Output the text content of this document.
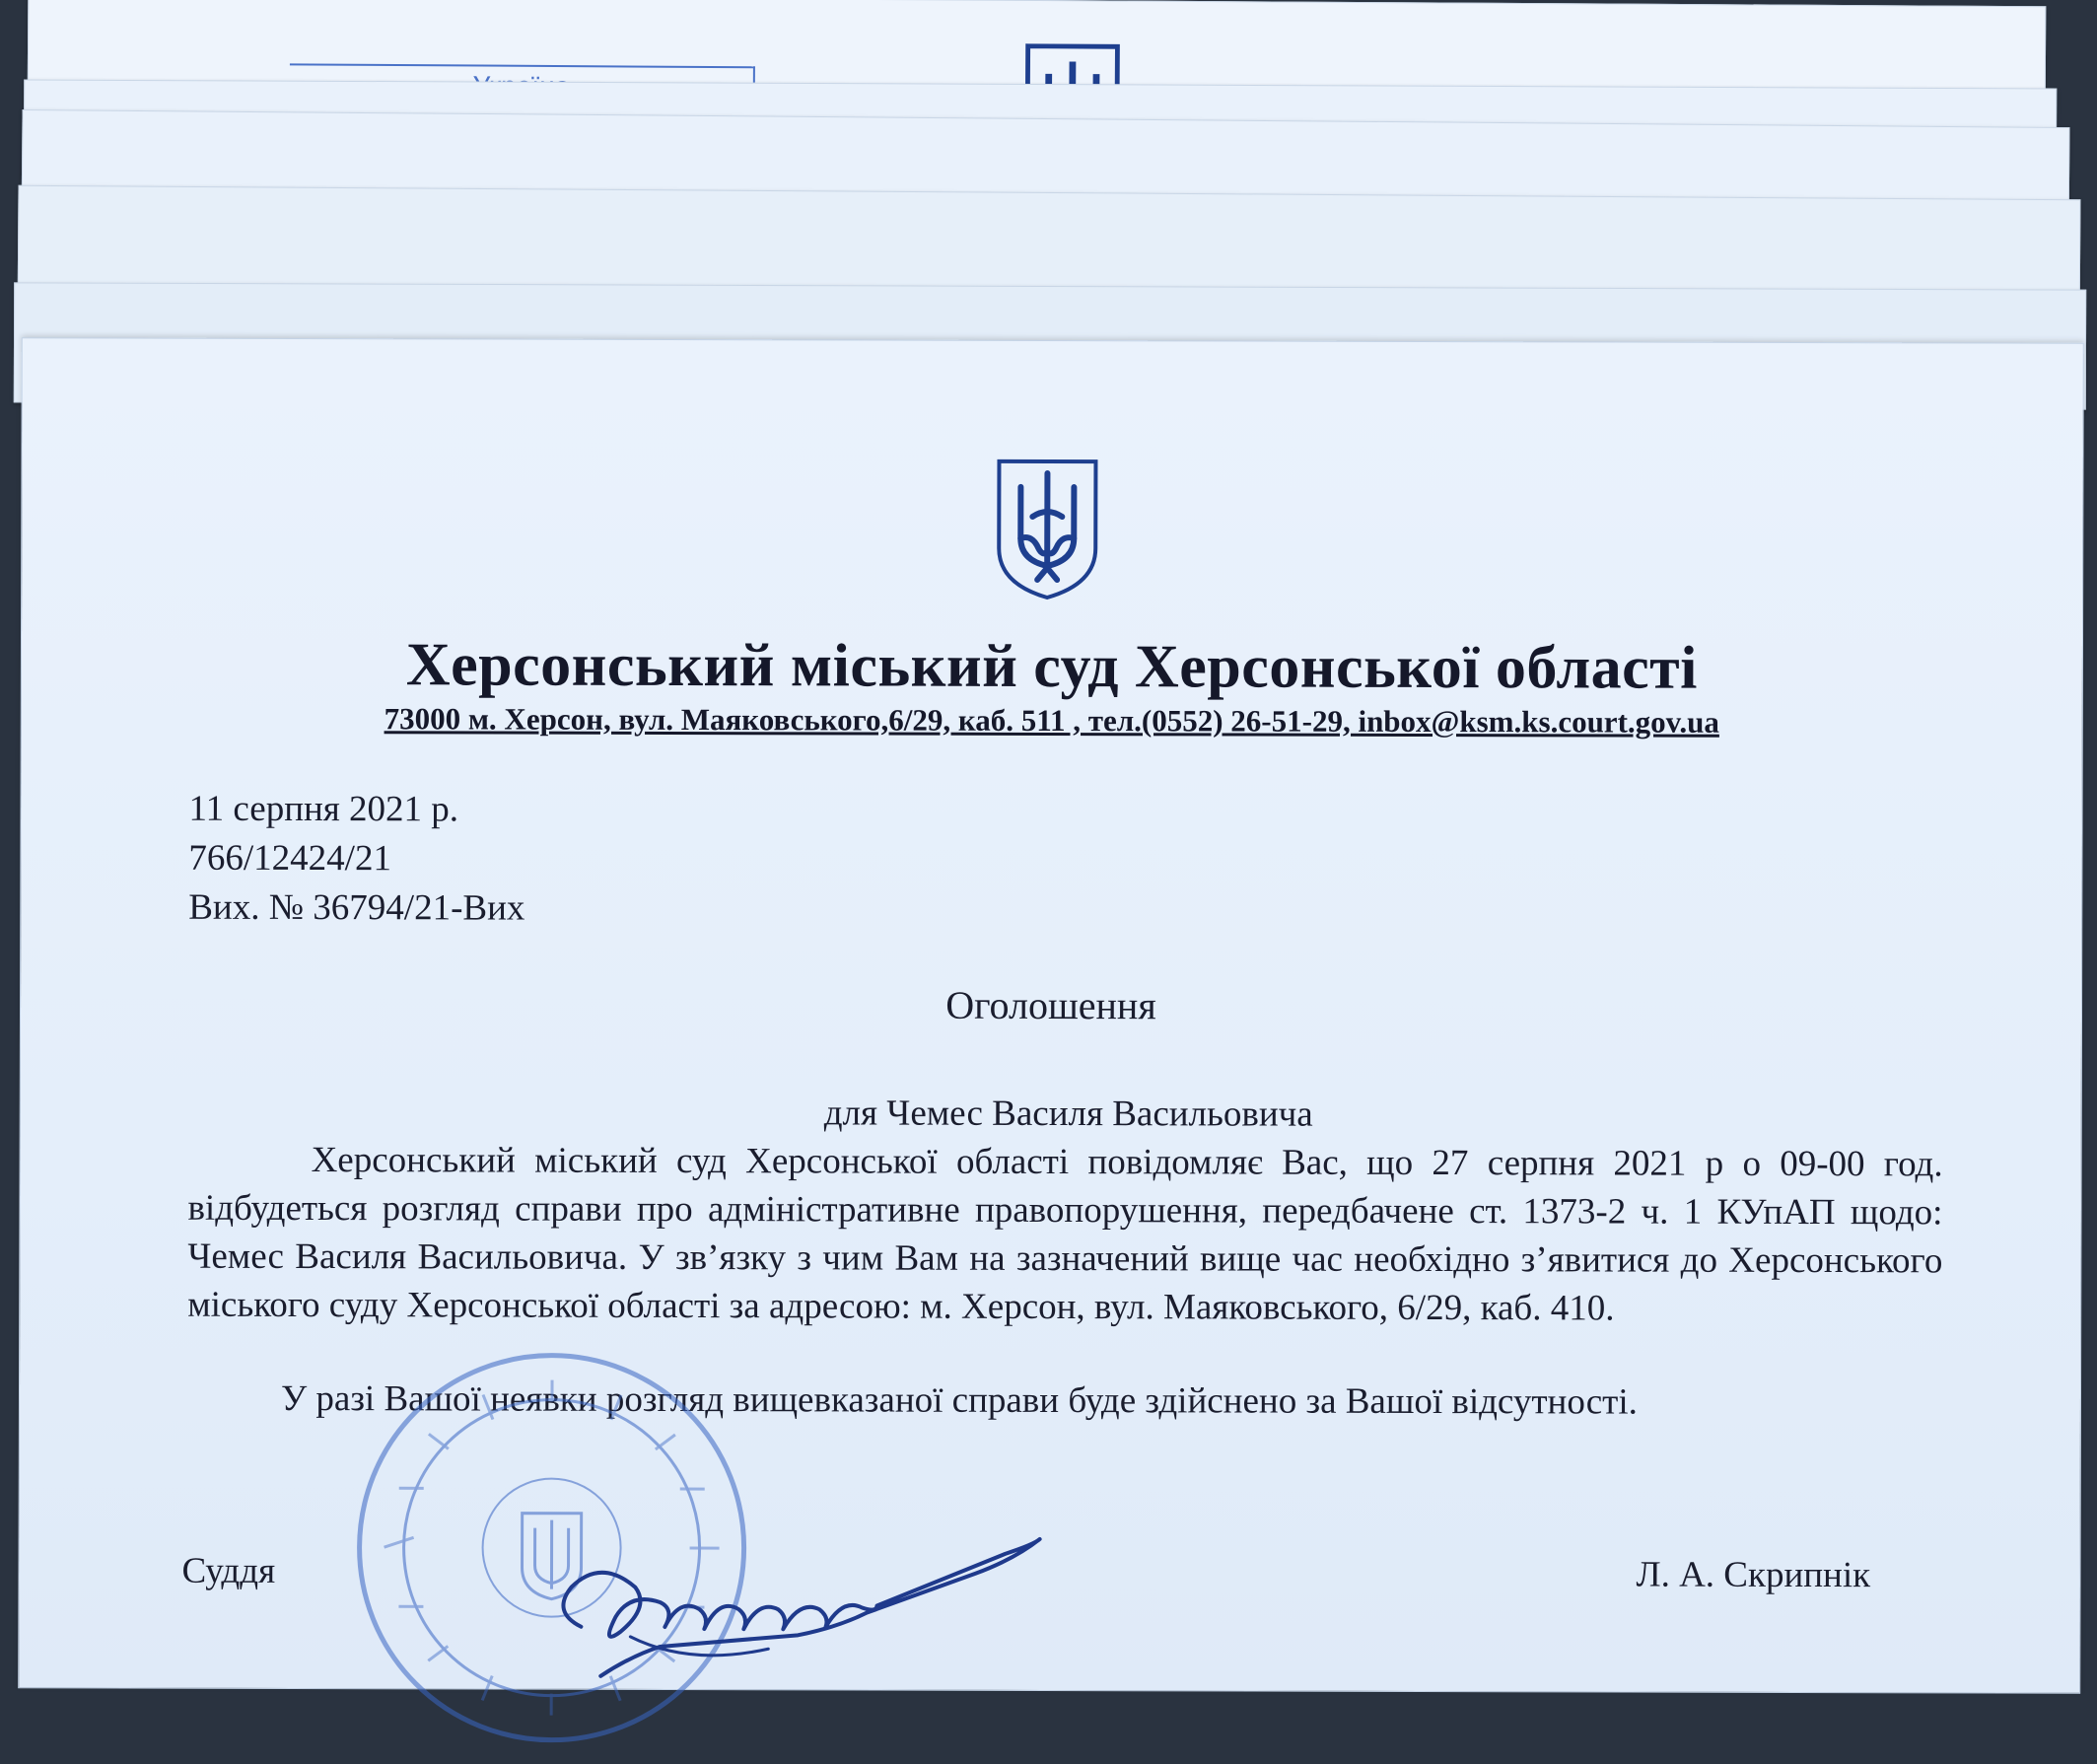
Херсонський міський суд Херсонської області
73000 м. Херсон, вул. Маяковського,6/29, каб. 511 , тел.(0552) 26-51-29, inbox@ksm.ks.court.gov.ua
11 серпня 2021 р.
766/12424/21
Вих. № 36794/21-Вих
Оголошення
для Чемес Василя Васильовича
Херсонський міський суд Херсонської області повідомляє Вас, що 27 серпня 2021 р о 09-00 год. відбудеться розгляд справи про адміністративне правопорушення, передбачене ст. 1373-2 ч. 1 КУпАП щодо: Чемес Василя Васильовича. У зв’язку з чим Вам на зазначений вище час необхідно з’явитися до Херсонського міського суду Херсонської області за адресою: м. Херсон, вул. Маяковського, 6/29, каб. 410.
У разі Вашої неявки розгляд вищевказаної справи буде здійснено за Вашої відсутності.
Суддя	Л. А. Скрипнік
